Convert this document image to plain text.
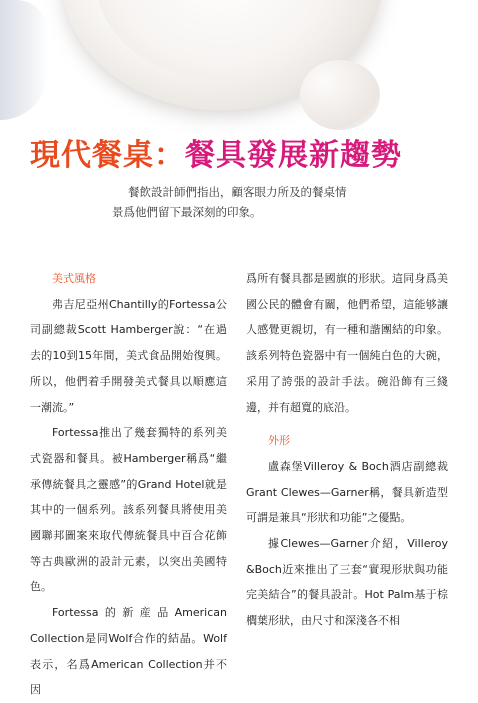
現代餐桌：餐具發展新趨勢
餐飲設計師們指出，顧客眼力所及的餐桌情
景爲他們留下最深刻的印象。

美式風格

弗吉尼亞州Chantilly的Fortessa公司副總裁Scott Hamberger說：“在過去的10到15年間，美式食品開始復興。所以，他們着手開發美式餐具以順應這一潮流。”

Fortessa推出了幾套獨特的系列美式瓷器和餐具。被Hamberger稱爲“繼承傳統餐具之靈感”的Grand Hotel就是其中的一個系列。該系列餐具將使用美國聯邦圖案來取代傳統餐具中百合花飾等古典歐洲的設計元素，以突出美國特色。

Fortessa的新産品American Collection是同Wolf合作的結晶。Wolf表示，名爲American Collection并不因

爲所有餐具都是國旗的形狀。這同身爲美國公民的體會有關，他們希望，這能够讓人感覺更親切，有一種和諧團結的印象。該系列特色瓷器中有一個純白色的大碗，采用了誇張的設計手法。碗沿飾有三綫邊，并有超寬的底沿。

外形

盧森堡Villeroy & Boch酒店副總裁Grant Clewes—Garner稱，餐具新造型可謂是兼具“形狀和功能”之優點。

據Clewes—Garner介紹，Villeroy &Boch近來推出了三套“實現形狀與功能完美結合”的餐具設計。Hot Palm基于棕櫚葉形狀，由尺寸和深淺各不相
